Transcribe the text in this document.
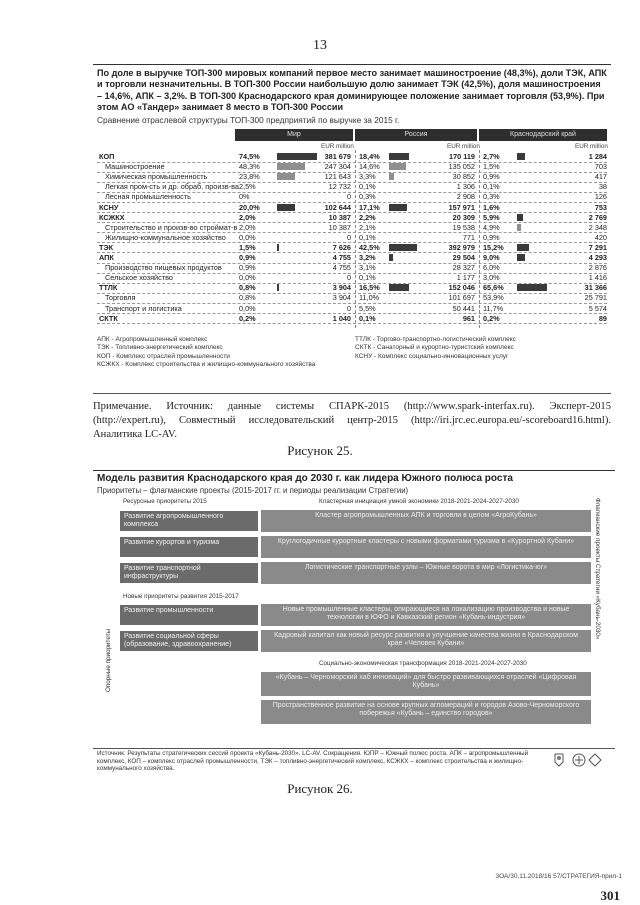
13
По доле в выручке ТОП-300 мировых компаний первое место занимает машиностроение (48,3%), доли ТЭК, АПК и торговли незначительны. В ТОП-300 России наибольшую долю занимает ТЭК (42,5%), доля машиностроения – 14,6%, АПК – 3,2%. В ТОП-300 Краснодарского края доминирующее положение занимает торговля (53,9%). При этом АО «Тандер» занимает 8 место в ТОП-300 России
Сравнение отраслевой структуры ТОП-300 предприятий по выручке за 2015 г.
Мир	Россия	Краснодарский край
EUR million	EUR million	EUR million
КОП	74,5%	381 679 18,4%	170 119 2,7%	1 284
Машиностроение	48,3%	247 304 14,6%	135 052 1,5%	703
Химическая промышленность	23,8%	121 643 3,3%	30 852 0,9%	417
Легкая пром-сть и др. обраб. произв-ва 2,5%	12 732 0,1%	1 306 0,1%	38
Лесная промышленность	0%	0 0,3%	2 908 0,3%	126
КСНУ	20,0%	102 644 17,1%	157 971 1,6%	753
КСЖКХ	2,0%	10 387 2,2%	20 309 5,9%	2 769
Строительство и произв-во строймат-в 2,0%	10 387 2,1%	19 538 4,9%	2 348
Жилищно-коммунальное хозяйство 0,0%	0 0,1%	771 0,9%	420
ТЭК	1,5%	7 626 42,5%	392 979 15,2%	7 291
АПК	0,9%	4 755 3,2%	29 504 9,0%	4 293
Производство пищевых продуктов 0,9%	4 755 3,1%	28 327 6,0%	2 876
Сельское хозяйство	0,0%	0 0,1%	1 177 3,0%	1 416
ТТЛК	0,8%	3 904 16,5%	152 046 65,6%	31 366
Торговля	0,8%	3 904 11,0%	101 697 53,9%	25 791
Транспорт и логистика	0,0%	0 5,5%	50 441 11,7%	5 574
СКТК	0,2%	1 040 0,1%	961 0,2%	89
АПК - Агропромышленный комплекс
ТЭК - Топливно-энергетический комплекс
КОП - Комплекс отраслей промышленности
КСЖКХ - Комплекс строительства и жилищно-коммунального хозяйства
ТТЛК - Торгово-транспортно-логистический комплекс
СКТК - Санаторный и курортно-туристский комплекс
КСНУ - Комплекс социально-инновационных услуг
Примечание. Источник: данные системы СПАРК-2015 (http://www.spark-interfax.ru). Эксперт-2015 (http://expert.ru), Совместный исследовательский центр-2015 (http://iri.jrc.ec.europa.eu/-scoreboard16.html). Аналитика LC-AV.
Рисунок 25.
Модель развития Краснодарского края до 2030 г. как лидера Южного полюса роста
Приоритеты – флагманские проекты (2015-2017 гг. и периоды реализации Стратегии)
Ресурсные приоритеты 2015	Кластерная инициация умной экономики 2018-2021-2024-2027-2030
Новые приоритеты развития 2015-2017
Социально-экономическая трансформация 2018-2021-2024-2027-2030
Опорные приоритеты
Флагманские проекты Стратегии «Кубань-2030»
Развитие агропромышленного комплекса
Кластер агропромышленных АПК и торговли в целом «АгроКубань»
Развитие курортов и туризма	Круглогодичные курортные кластеры с новыми форматами туризма в «Курортной Кубани»
Развитие транспортной инфраструктуры
Логистические транспортные узлы – Южные ворота в мир «Логистика-юг»
Развитие промышленности	Новые промышленные кластеры, опирающиеся на локализацию производства и новые технологии в ЮФО и Кавказский регион «Кубань-индустрия»
Развитие социальной сферы (образование, здравоохранение)
Кадровый капитал как новый ресурс развития и улучшение качества жизни в Краснодарском крае «Человек Кубани»
«Кубань – Черноморский хаб инноваций» для быстро развивающихся отраслей «Цифровая Кубань»
Пространственное развитие на основе крупных агломераций и городов Азово-Черноморского побережья «Кубань – единство городов»
Источник: Результаты стратегических сессий проекта «Кубань-2030». LC-AV. Сокращения. ЮПР – Южный полюс роста, АПК – агропромышленный комплекс, КОП – комплекс отраслей промышленности, ТЭК – топливно-энергетический комплекс, КСЖКХ – комплекс строительства и жилищно-коммунального хозяйства.
Рисунок 26.
3ОА/30.11.2018/16 57/СТРАТЕГИЯ-прил-1
301
